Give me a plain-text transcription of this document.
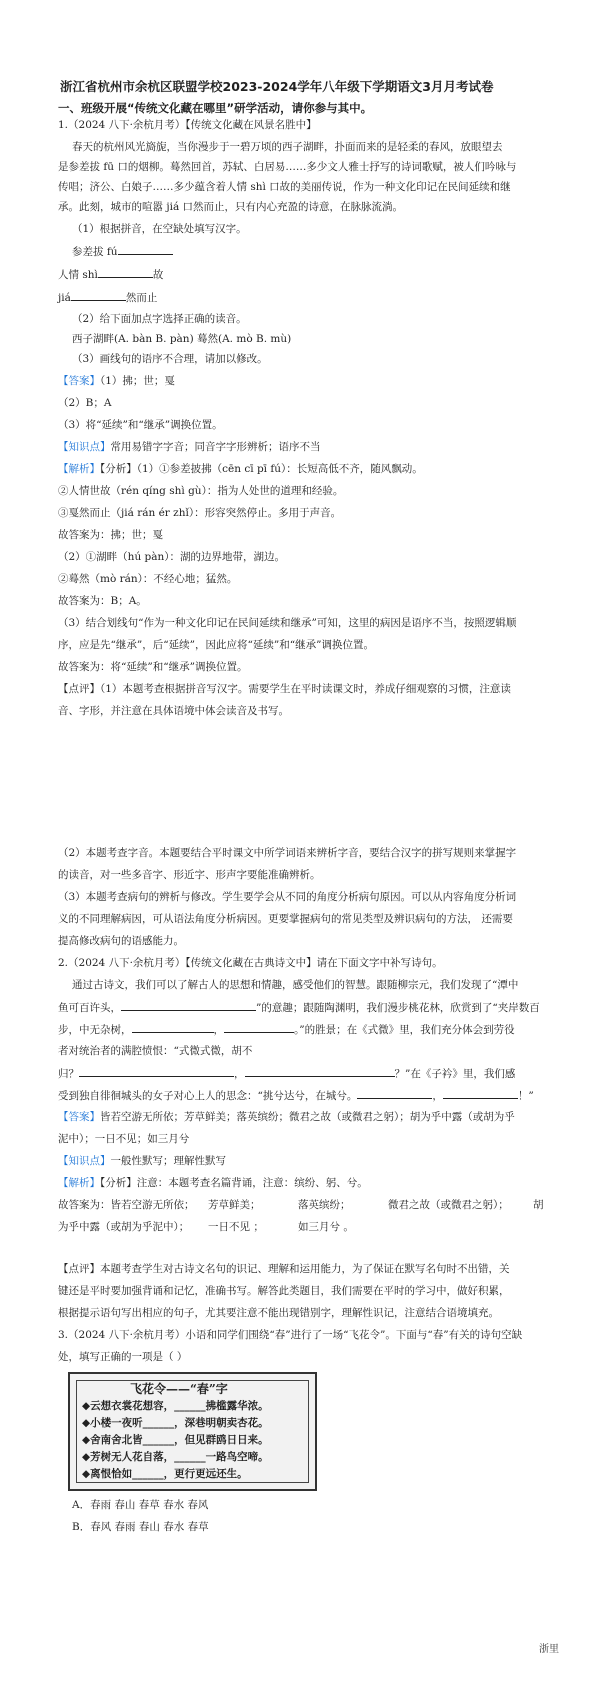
浙江省杭州市余杭区联盟学校2023-2024学年八年级下学期语文3月月考试卷
一、班级开展“传统文化藏在哪里”研学活动，请你参与其中。
1.（2024 八下·余杭月考）【传统文化藏在风景名胜中】
春天的杭州风光旖旎，当你漫步于一碧万顷的西子湖畔，扑面而来的是轻柔的春风，放眼望去
是参差拔 fū 口的烟柳。蓦然回首，苏轼、白居易……多少文人雅士抒写的诗词歌赋，被人们吟咏与
传唱；济公、白娘子……多少蕴含着人情 shì 口故的美丽传说，作为一种文化印记在民间延续和继
承。此刻，城市的喧嚣 jiá 口然而止，只有内心充盈的诗意，在脉脉流淌。
（1）根据拼音，在空缺处填写汉字。
参差拔 fú
人情 shì	故
jiá	然而止
（2）给下面加点字选择正确的读音。
西子湖畔(A. bàn B. pàn) 蓦然(A. mò B. mù)
（3）画线句的语序不合理，请加以修改。
【答案】（1）拂；世；戛
（2）B；A
（3）将“延续”和“继承”调换位置。
【知识点】常用易错字字音；同音字字形辨析；语序不当
【解析】【分析】（1）①参差披拂（cēn cī pī fú）：长短高低不齐，随风飘动。
②人情世故（rén qíng shì gù）：指为人处世的道理和经验。
③戛然而止（jiá rán ér zhǐ）：形容突然停止。多用于声音。
故答案为：拂；世；戛
（2）①湖畔（hú pàn）：湖的边界地带，湖边。
②蓦然（mò rán）：不经心地；猛然。
故答案为：B；A。
（3）结合划线句“作为一种文化印记在民间延续和继承”可知，这里的病因是语序不当，按照逻辑顺
序，应是先“继承”，后“延续”，因此应将“延续”和“继承”调换位置。
故答案为：将“延续”和“继承”调换位置。
【点评】（1）本题考查根据拼音写汉字。需要学生在平时读课文时，养成仔细观察的习惯，注意读
音、字形，并注意在具体语境中体会读音及书写。
（2）本题考查字音。本题要结合平时课文中所学词语来辨析字音，要结合汉字的拼写规则来掌握字
的读音，对一些多音字、形近字、形声字要能准确辨析。
（3）本题考查病句的辨析与修改。学生要学会从不同的角度分析病句原因。可以从内容角度分析词
义的不同理解病因，可从语法角度分析病因。更要掌握病句的常见类型及辨识病句的方法， 还需要
提高修改病句的语感能力。
2.（2024 八下·余杭月考）【传统文化藏在古典诗文中】请在下面文字中补写诗句。
通过古诗文，我们可以了解古人的思想和情趣，感受他们的智慧。跟随柳宗元，我们发现了“潭中
鱼可百许头，	”的意趣；跟随陶渊明，我们漫步桃花林，欣赏到了“夹岸数百
步，中无杂树，	，	。”的胜景；在《式微》里，我们充分体会到劳役
者对统治者的满腔愤恨：“式微式微，胡不
归？	，	？”在《子衿》里，我们感
受到独自徘徊城头的女子对心上人的思念：“挑兮达兮，在城兮。	，	！”
【答案】皆若空游无所依；芳草鲜美；落英缤纷；微君之故（或微君之躬）；胡为乎中露（或胡为乎
泥中）；一日不见；如三月兮
【知识点】一般性默写；理解性默写
【解析】【分析】注意：本题考查名篇背诵，注意：缤纷、躬、兮。
故答案为：皆若空游无所依； 芳草鲜美；	落英缤纷；	微君之故（或微君之躬）； 胡
为乎中露（或胡为乎泥中）； 一日不见 ；	如三月兮 。
【点评】本题考查学生对古诗文名句的识记、理解和运用能力，为了保证在默写名句时不出错，关
键还是平时要加强背诵和记忆，准确书写。解答此类题目，我们需要在平时的学习中，做好积累，
根据提示语句写出相应的句子，尤其要注意不能出现错别字，理解性识记，注意结合语境填充。
3.（2024 八下·余杭月考）小语和同学们围绕“春”进行了一场“飞花令”。下面与“春”有关的诗句空缺
处，填写正确的一项是（ ）
飞花令——“春”字
◆云想衣裳花想容，______拂槛露华浓。
◆小楼一夜听______，深巷明朝卖杏花。
◆舍南舍北皆______，但见群鸥日日来。
◆芳树无人花自落，______一路鸟空啼。
◆离恨恰如______，更行更远还生。
A．春雨 春山 春草 春水 春风
B．春风 春雨 春山 春水 春草
浙里
